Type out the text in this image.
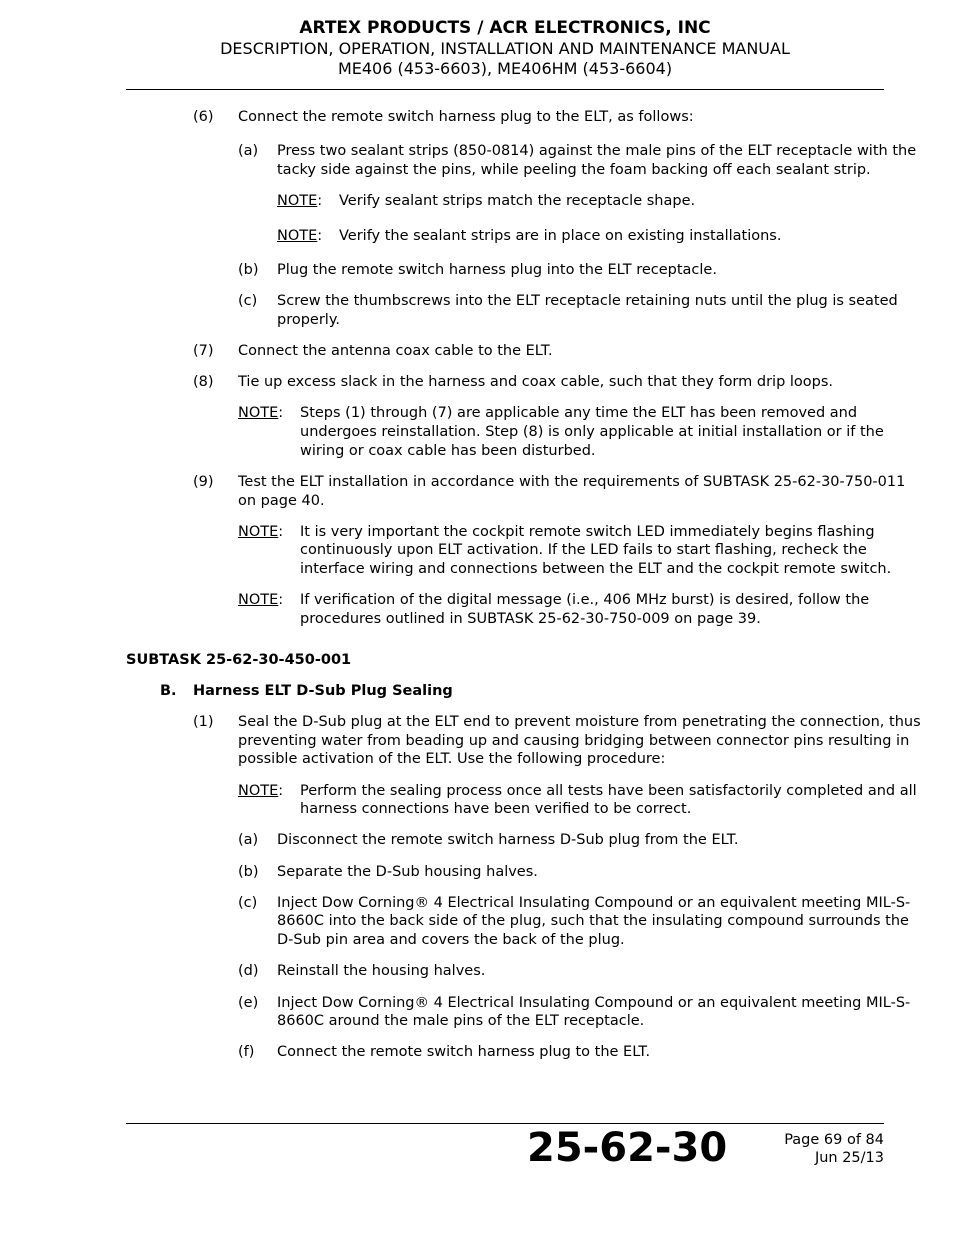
ARTEX PRODUCTS / ACR ELECTRONICS, INC
DESCRIPTION, OPERATION, INSTALLATION AND MAINTENANCE MANUAL
ME406 (453-6603), ME406HM (453-6604)
(6) Connect the remote switch harness plug to the ELT, as follows:
(a) Press two sealant strips (850-0814) against the male pins of the ELT receptacle with the
tacky side against the pins, while peeling the foam backing off each sealant strip.
NOTE: Verify sealant strips match the receptacle shape.
NOTE: Verify the sealant strips are in place on existing installations.
(b) Plug the remote switch harness plug into the ELT receptacle.
(c) Screw the thumbscrews into the ELT receptacle retaining nuts until the plug is seated
properly.
(7) Connect the antenna coax cable to the ELT.
(8) Tie up excess slack in the harness and coax cable, such that they form drip loops.
NOTE: Steps (1) through (7) are applicable any time the ELT has been removed and
undergoes reinstallation. Step (8) is only applicable at initial installation or if the
wiring or coax cable has been disturbed.
(9) Test the ELT installation in accordance with the requirements of SUBTASK 25-62-30-750-011
on page 40.
NOTE: It is very important the cockpit remote switch LED immediately begins flashing
continuously upon ELT activation. If the LED fails to start flashing, recheck the
interface wiring and connections between the ELT and the cockpit remote switch.
NOTE: If verification of the digital message (i.e., 406 MHz burst) is desired, follow the
procedures outlined in SUBTASK 25-62-30-750-009 on page 39.
SUBTASK 25-62-30-450-001
B. Harness ELT D-Sub Plug Sealing
(1) Seal the D-Sub plug at the ELT end to prevent moisture from penetrating the connection, thus
preventing water from beading up and causing bridging between connector pins resulting in
possible activation of the ELT. Use the following procedure:
NOTE: Perform the sealing process once all tests have been satisfactorily completed and all
harness connections have been verified to be correct.
(a) Disconnect the remote switch harness D-Sub plug from the ELT.
(b) Separate the D-Sub housing halves.
(c) Inject Dow Corning® 4 Electrical Insulating Compound or an equivalent meeting MIL-S-
8660C into the back side of the plug, such that the insulating compound surrounds the
D-Sub pin area and covers the back of the plug.
(d) Reinstall the housing halves.
(e) Inject Dow Corning® 4 Electrical Insulating Compound or an equivalent meeting MIL-S-
8660C around the male pins of the ELT receptacle.
(f) Connect the remote switch harness plug to the ELT.
25-62-30	Page 69 of 84
Jun 25/13
